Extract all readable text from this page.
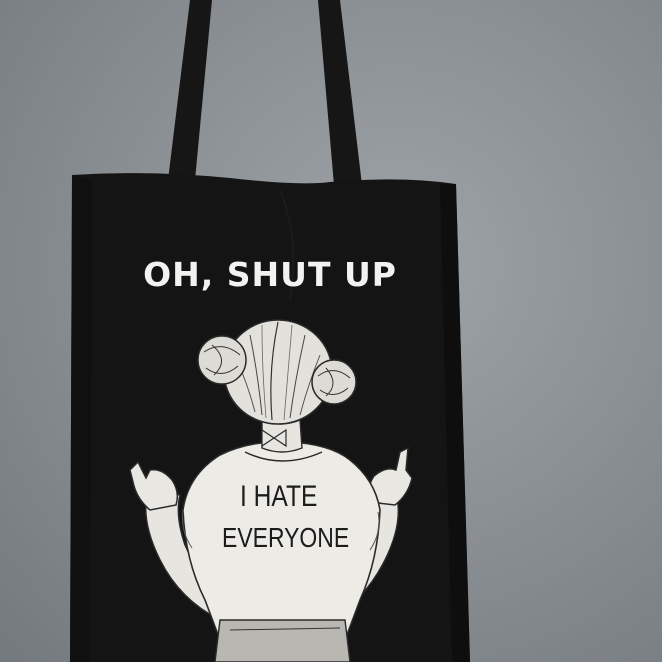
OH, SHUT UP
I HATE
EVERYONE
